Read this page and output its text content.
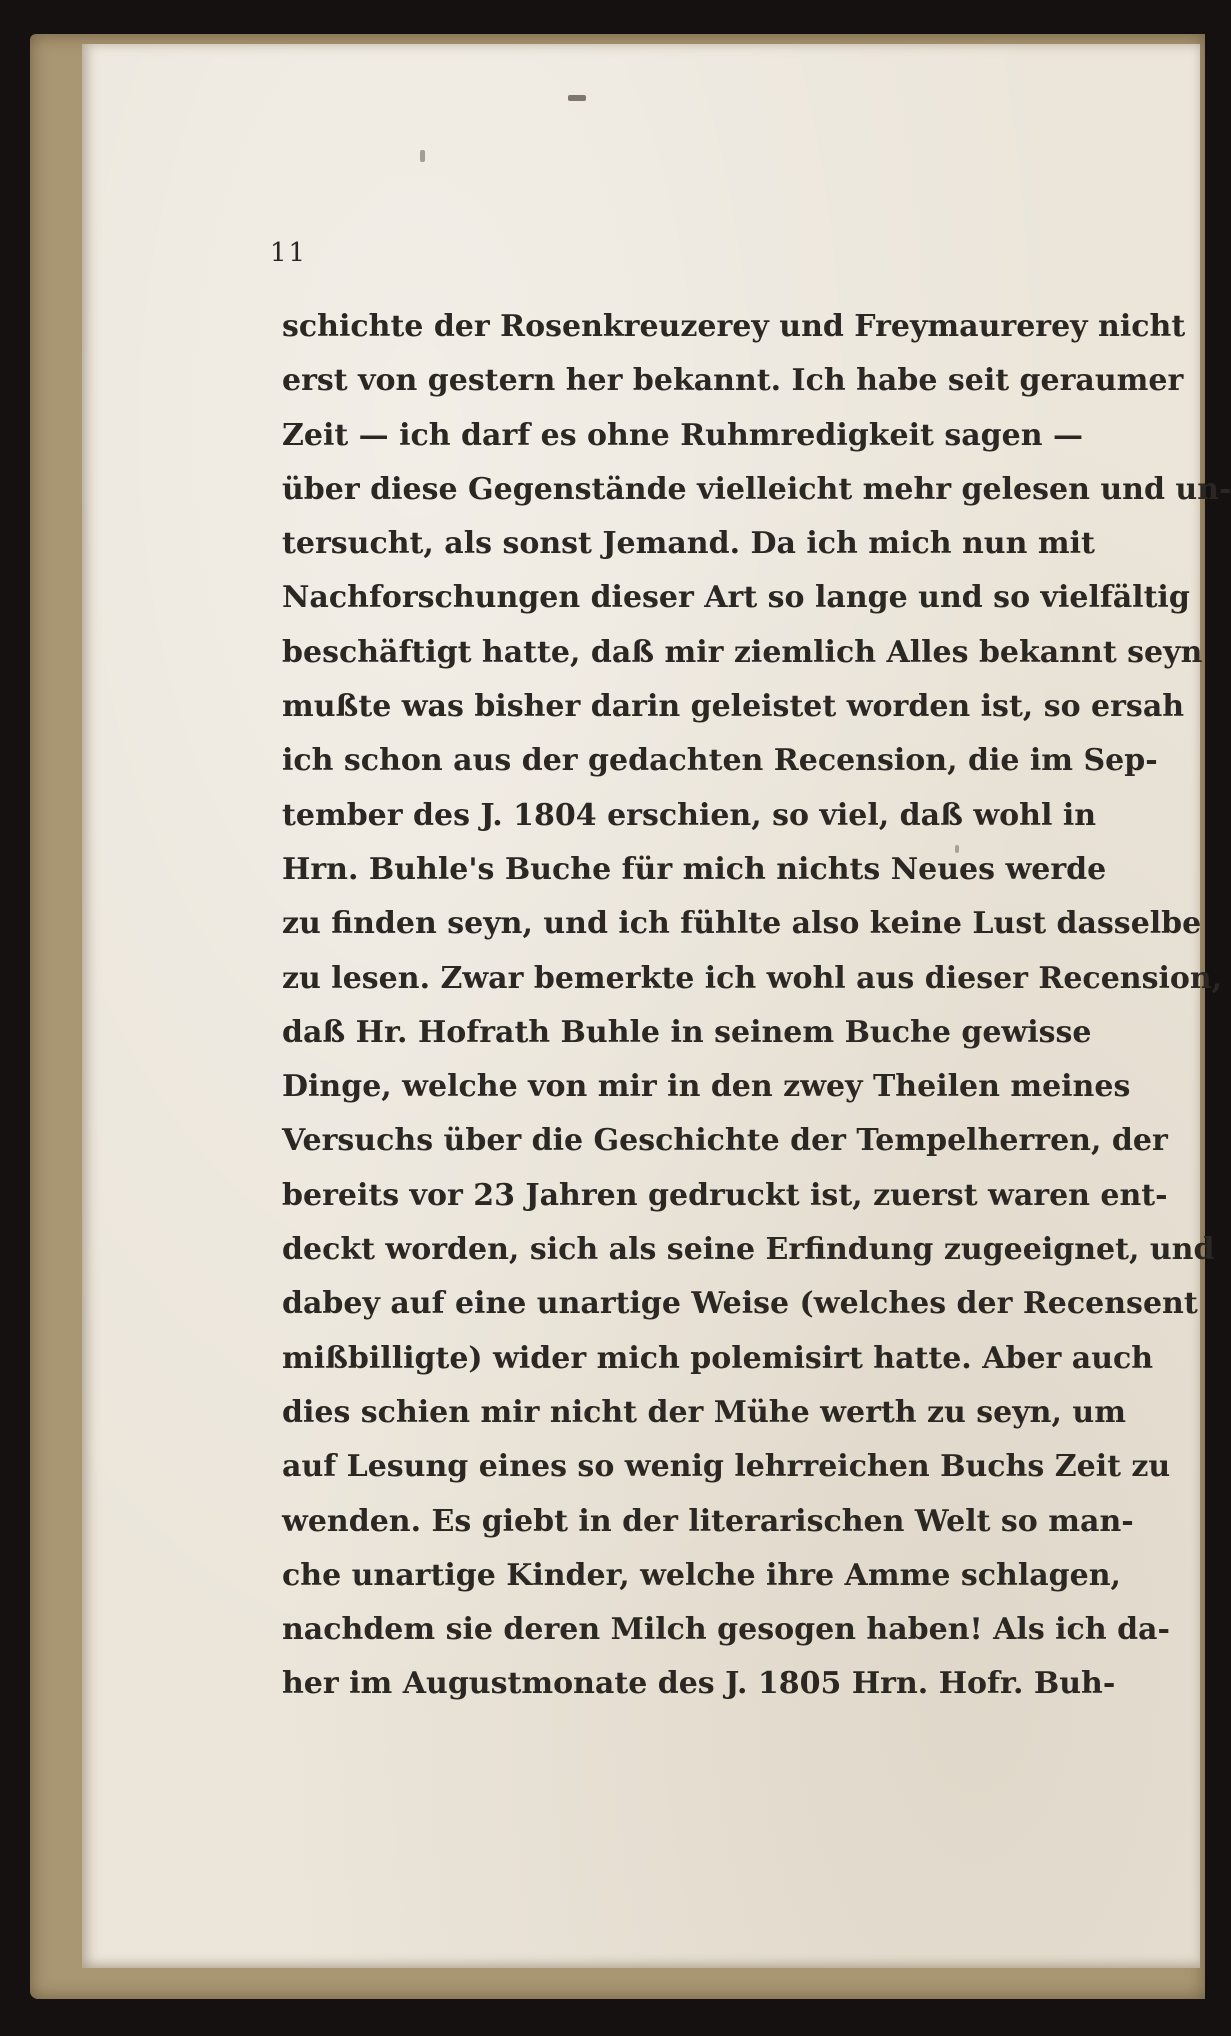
11
schichte der Rosenkreuzerey und Freymaurerey nicht
erst von gestern her bekannt. Ich habe seit geraumer
Zeit — ich darf es ohne Ruhmredigkeit sagen —
über diese Gegenstände vielleicht mehr gelesen und un-
tersucht, als sonst Jemand. Da ich mich nun mit
Nachforschungen dieser Art so lange und so vielfältig
beschäftigt hatte, daß mir ziemlich Alles bekannt seyn
mußte was bisher darin geleistet worden ist, so ersah
ich schon aus der gedachten Recension, die im Sep-
tember des J. 1804 erschien, so viel, daß wohl in
Hrn. Buhle's Buche für mich nichts Neues werde
zu finden seyn, und ich fühlte also keine Lust dasselbe
zu lesen. Zwar bemerkte ich wohl aus dieser Recension,
daß Hr. Hofrath Buhle in seinem Buche gewisse
Dinge, welche von mir in den zwey Theilen meines
Versuchs über die Geschichte der Tempelherren, der
bereits vor 23 Jahren gedruckt ist, zuerst waren ent-
deckt worden, sich als seine Erfindung zugeeignet, und
dabey auf eine unartige Weise (welches der Recensent
mißbilligte) wider mich polemisirt hatte. Aber auch
dies schien mir nicht der Mühe werth zu seyn, um
auf Lesung eines so wenig lehrreichen Buchs Zeit zu
wenden. Es giebt in der literarischen Welt so man-
che unartige Kinder, welche ihre Amme schlagen,
nachdem sie deren Milch gesogen haben! Als ich da-
her im Augustmonate des J. 1805 Hrn. Hofr. Buh-
